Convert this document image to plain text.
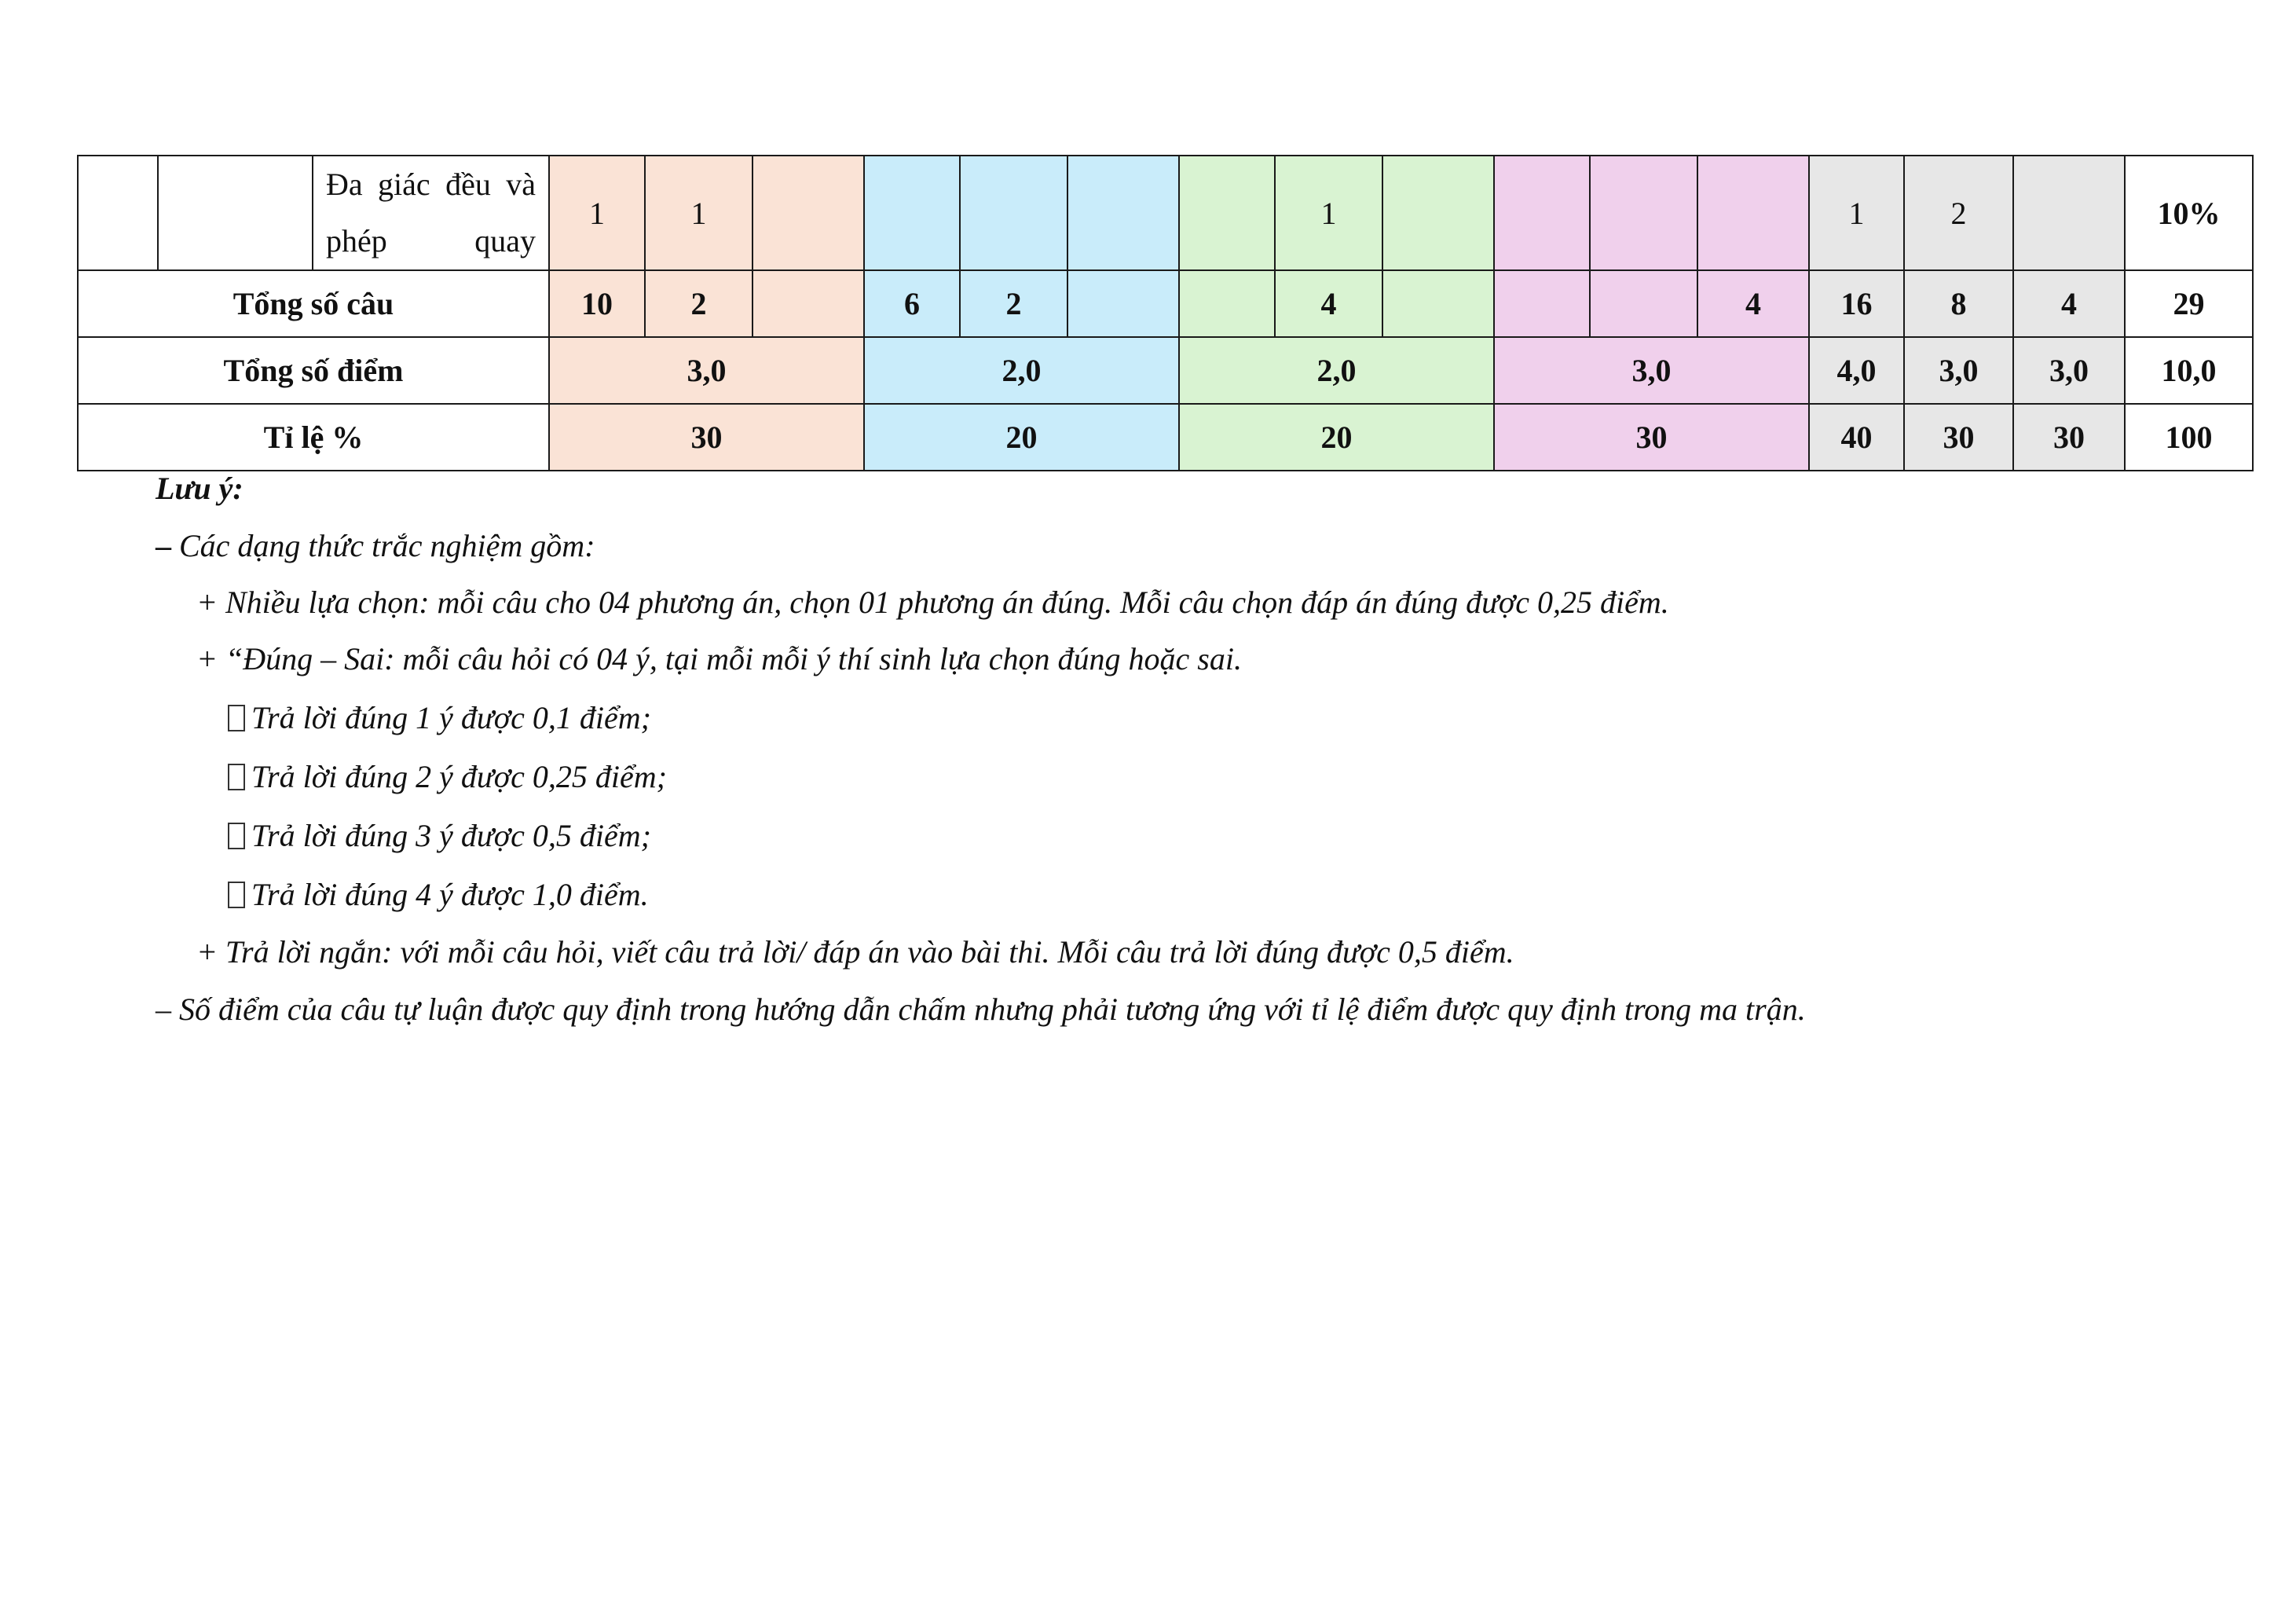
		Đa giác đều và phép quay	1	1						1					1	2		10%
Tổng số câu			10	2		6	2			4				4	16	8	4	29
Tổng số điểm			3,0			2,0			2,0			3,0			4,0	3,0	3,0	10,0
Tỉ lệ %			30			20			20			30			40	30	30	100
Lưu ý:
– Các dạng thức trắc nghiệm gồm:
+ Nhiều lựa chọn: mỗi câu cho 04 phương án, chọn 01 phương án đúng. Mỗi câu chọn đáp án đúng được 0,25 điểm.
+ “Đúng – Sai: mỗi câu hỏi có 04 ý, tại mỗi mỗi ý thí sinh lựa chọn đúng hoặc sai.
Trả lời đúng 1 ý được 0,1 điểm;
Trả lời đúng 2 ý được 0,25 điểm;
Trả lời đúng 3 ý được 0,5 điểm;
Trả lời đúng 4 ý được 1,0 điểm.
+ Trả lời ngắn: với mỗi câu hỏi, viết câu trả lời/ đáp án vào bài thi. Mỗi câu trả lời đúng được 0,5 điểm.
– Số điểm của câu tự luận được quy định trong hướng dẫn chấm nhưng phải tương ứng với tỉ lệ điểm được quy định trong ma trận.
